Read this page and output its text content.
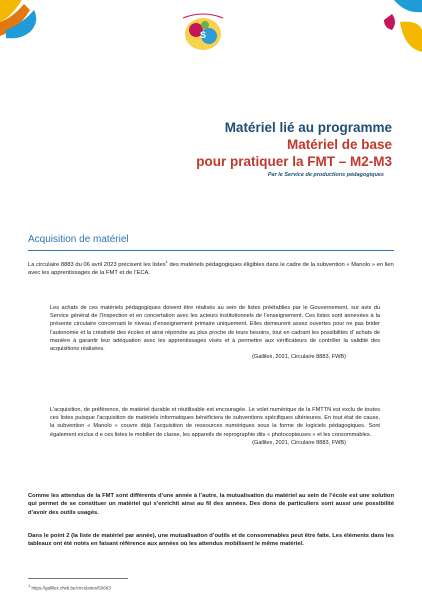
S
Matériel lié au programme
Matériel de base
pour pratiquer la FMT – M2-M3
Par le Service de productions pédagogiques
Acquisition de matériel
La circulaire 8883 du 06 avril 2023 précisent les listes$^1$ des matériels pédagogiques éligibles dans le cadre de la subvention « Manolo » en lien avec les apprentissages de la FMT et de l’ECA.
Les achats de ces matériels pédagogiques doivent être réalisés au sein de listes préétablies par le Gouvernement, sur avis du Service général de l’Inspection et en concertation avec les acteurs institutionnels de l’enseignement. Ces listes sont annexées à la présente circulaire concernant le niveau d’enseignement primaire uniquement. Elles demeurent assez ouvertes pour ne pas brider l’autonomie et la créativité des écoles et ainsi répondre au plus proche de leurs besoins, tout en cadrant les possibilités d’ achats de manière à garantir leur adéquation avec les apprentissages visés et à permettre aux vérificateurs de contrôler la validité des acquisitions réalisées.
(Gallilex, 2021, Circulaire 8883, FWB)
L’acquisition, de préférence, de matériel durable et réutilisable est encouragée. Le volet numérique de la FMTTN est exclu de toutes ces listes puisque l’acquisition de matériels informatiques bénéficiera de subventions spécifiques ultérieures. En tout état de cause, la subvention « Manolo » couvre déjà l’acquisition de ressources numériques sous la forme de logiciels pédagogiques. Sont également exclus d e ces listes le mobilier de classe, les appareils de reprographie dits « photocopieuses » et les consommables.
(Gallilex, 2021, Circulaire 8883, FWB)
Comme les attendus de la FMT sont différents d’une année à l’autre, la mutualisation du matériel au sein de l’école est une solution qui permet de se constituer un matériel qui s’enrichit ainsi au fil des années. Des dons de particuliers sont aussi une possibilité d’avoir des outils usagés.
Dans le point 2 (la liste de matériel par année), une mutualisation d’outils et de consommables peut être faite. Les éléments dans les tableaux ont été notés en faisant référence aux années où les attendus mobilisent le même matériel.
$^1$ https://gallilex.cfwb.be/circulaires/50663
